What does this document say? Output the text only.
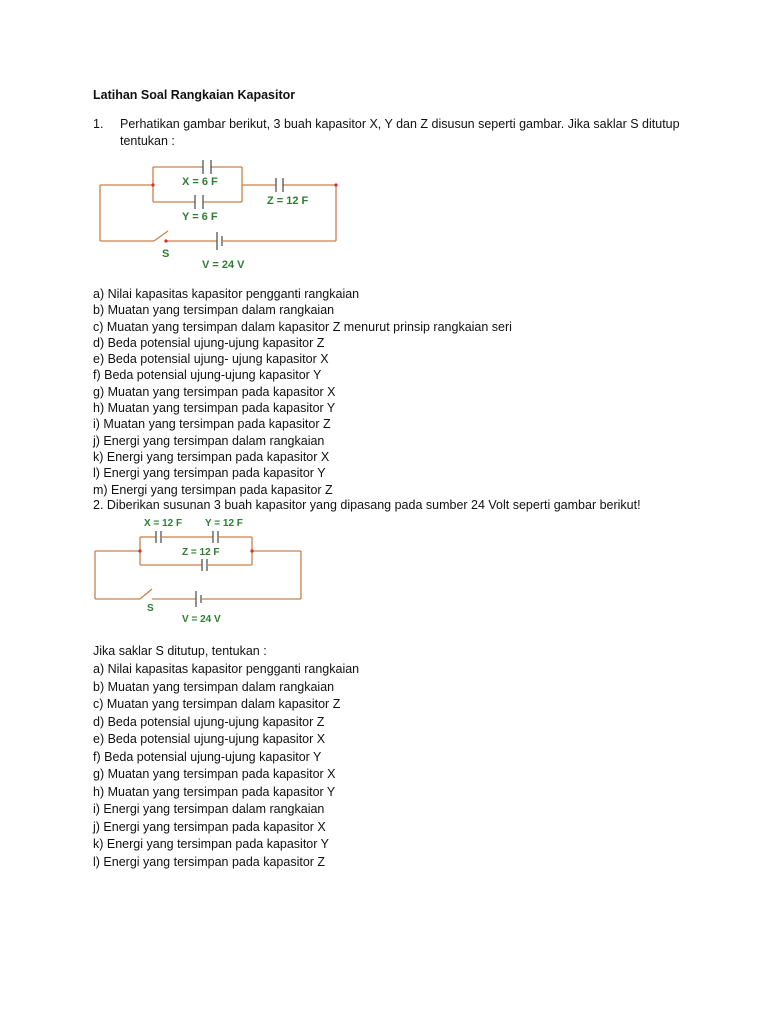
Latihan Soal Rangkaian Kapasitor
1. Perhatikan gambar berikut, 3 buah kapasitor X, Y dan Z disusun seperti gambar. Jika saklar S ditutup tentukan :
X = 6 F
Y = 6 F
Z = 12 F
S
V = 24 V
a) Nilai kapasitas kapasitor pengganti rangkaian
b) Muatan yang tersimpan dalam rangkaian
c) Muatan yang tersimpan dalam kapasitor Z menurut prinsip rangkaian seri
d) Beda potensial ujung-ujung kapasitor Z
e) Beda potensial ujung- ujung kapasitor X
f) Beda potensial ujung-ujung kapasitor Y
g) Muatan yang tersimpan pada kapasitor X
h) Muatan yang tersimpan pada kapasitor Y
i) Muatan yang tersimpan pada kapasitor Z
j) Energi yang tersimpan dalam rangkaian
k) Energi yang tersimpan pada kapasitor X
l) Energi yang tersimpan pada kapasitor Y
m) Energi yang tersimpan pada kapasitor Z
2. Diberikan susunan 3 buah kapasitor yang dipasang pada sumber 24 Volt seperti gambar berikut!
X = 12 F Y = 12 F
Z = 12 F
S
V = 24 V
Jika saklar S ditutup, tentukan :
a) Nilai kapasitas kapasitor pengganti rangkaian
b) Muatan yang tersimpan dalam rangkaian
c) Muatan yang tersimpan dalam kapasitor Z
d) Beda potensial ujung-ujung kapasitor Z
e) Beda potensial ujung-ujung kapasitor X
f) Beda potensial ujung-ujung kapasitor Y
g) Muatan yang tersimpan pada kapasitor X
h) Muatan yang tersimpan pada kapasitor Y
i) Energi yang tersimpan dalam rangkaian
j) Energi yang tersimpan pada kapasitor X
k) Energi yang tersimpan pada kapasitor Y
l) Energi yang tersimpan pada kapasitor Z
